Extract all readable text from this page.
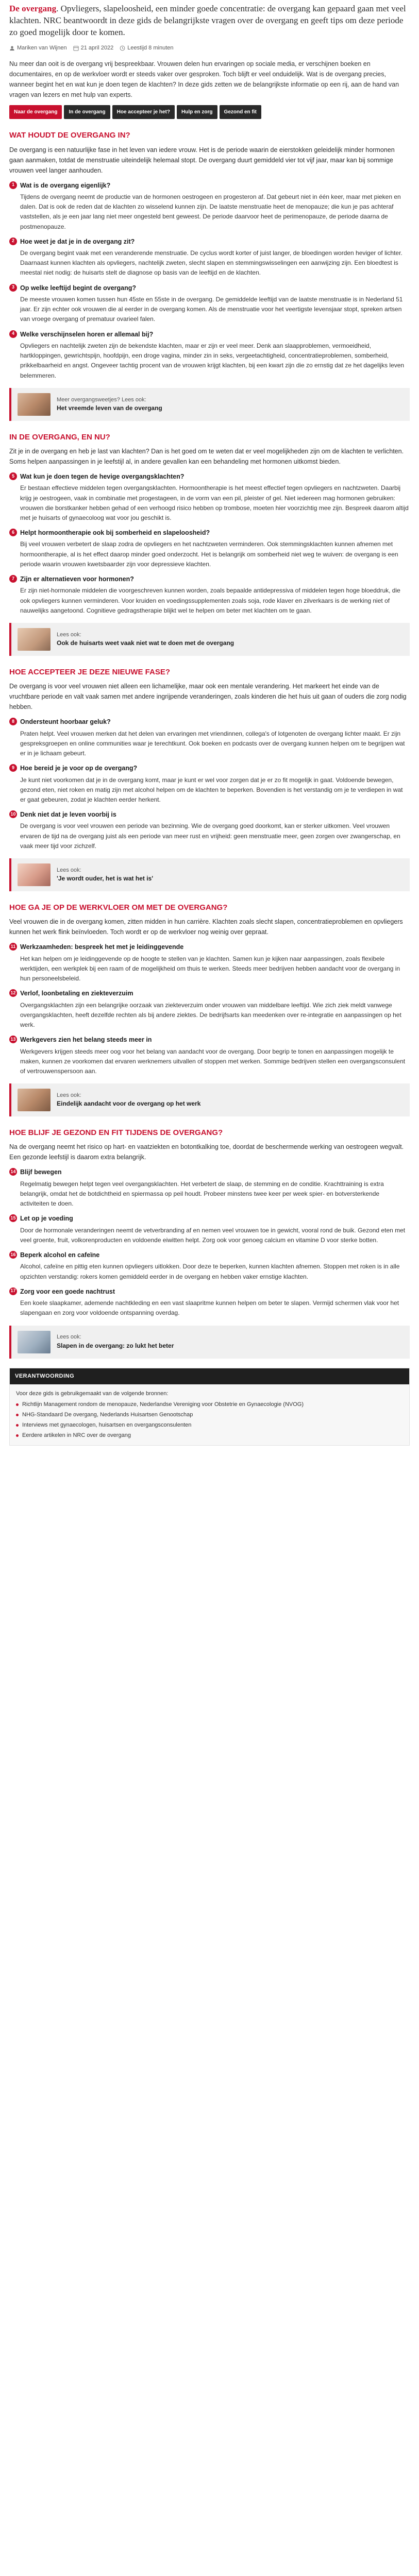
De overgang. Opvliegers, slapeloosheid, een minder goede concentratie: de overgang kan gepaard gaan met veel klachten. NRC beantwoordt in deze gids de belangrijkste vragen over de overgang en geeft tips om deze periode zo goed mogelijk door te komen.

Mariken van Wijnen 21 april 2022 Leestijd 8 minuten

Nu meer dan ooit is de overgang vrij bespreekbaar. Vrouwen delen hun ervaringen op sociale media, er verschijnen boeken en documentaires, en op de werkvloer wordt er steeds vaker over gesproken. Toch blijft er veel onduidelijk. Wat is de overgang precies, wanneer begint het en wat kun je doen tegen de klachten? In deze gids zetten we de belangrijkste informatie op een rij, aan de hand van vragen van lezers en met hulp van experts.

Naar de overgang	In de overgang	Hoe accepteer je het?	Hulp en zorg	Gezond en fit
WAT HOUDT DE OVERGANG IN?

De overgang is een natuurlijke fase in het leven van iedere vrouw. Het is de periode waarin de eierstokken geleidelijk minder hormonen gaan aanmaken, totdat de menstruatie uiteindelijk helemaal stopt. De overgang duurt gemiddeld vier tot vijf jaar, maar kan bij sommige vrouwen veel langer aanhouden.

1 Wat is de overgang eigenlijk?

Tijdens de overgang neemt de productie van de hormonen oestrogeen en progesteron af. Dat gebeurt niet in één keer, maar met pieken en dalen. Dat is ook de reden dat de klachten zo wisselend kunnen zijn. De laatste menstruatie heet de menopauze; die kun je pas achteraf vaststellen, als je een jaar lang niet meer ongesteld bent geweest. De periode daarvoor heet de perimenopauze, de periode daarna de postmenopauze.

2 Hoe weet je dat je in de overgang zit?

De overgang begint vaak met een veranderende menstruatie. De cyclus wordt korter of juist langer, de bloedingen worden heviger of lichter. Daarnaast kunnen klachten als opvliegers, nachtelijk zweten, slecht slapen en stemmingswisselingen een aanwijzing zijn. Een bloedtest is meestal niet nodig: de huisarts stelt de diagnose op basis van de leeftijd en de klachten.

3 Op welke leeftijd begint de overgang?

De meeste vrouwen komen tussen hun 45ste en 55ste in de overgang. De gemiddelde leeftijd van de laatste menstruatie is in Nederland 51 jaar. Er zijn echter ook vrouwen die al eerder in de overgang komen. Als de menstruatie voor het veertigste levensjaar stopt, spreken artsen van vroege overgang of prematuur ovarieel falen.

4 Welke verschijnselen horen er allemaal bij?

Opvliegers en nachtelijk zweten zijn de bekendste klachten, maar er zijn er veel meer. Denk aan slaapproblemen, vermoeidheid, hartkloppingen, gewrichtspijn, hoofdpijn, een droge vagina, minder zin in seks, vergeetachtigheid, concentratieproblemen, somberheid, prikkelbaarheid en angst. Ongeveer tachtig procent van de vrouwen krijgt klachten, bij een kwart zijn die zo ernstig dat ze het dagelijks leven belemmeren.

Meer overgangsweetjes? Lees ook:
Het vreemde leven van de overgang
IN DE OVERGANG, EN NU?

Zit je in de overgang en heb je last van klachten? Dan is het goed om te weten dat er veel mogelijkheden zijn om de klachten te verlichten. Soms helpen aanpassingen in je leefstijl al, in andere gevallen kan een behandeling met hormonen uitkomst bieden.

5 Wat kun je doen tegen de hevige overgangsklachten?

Er bestaan effectieve middelen tegen overgangsklachten. Hormoontherapie is het meest effectief tegen opvliegers en nachtzweten. Daarbij krijg je oestrogeen, vaak in combinatie met progestageen, in de vorm van een pil, pleister of gel. Niet iedereen mag hormonen gebruiken: vrouwen die borstkanker hebben gehad of een verhoogd risico hebben op trombose, moeten hier voorzichtig mee zijn. Bespreek daarom altijd met je huisarts of gynaecoloog wat voor jou geschikt is.

6 Helpt hormoontherapie ook bij somberheid en slapeloosheid?

Bij veel vrouwen verbetert de slaap zodra de opvliegers en het nachtzweten verminderen. Ook stemmingsklachten kunnen afnemen met hormoontherapie, al is het effect daarop minder goed onderzocht. Het is belangrijk om somberheid niet weg te wuiven: de overgang is een periode waarin vrouwen kwetsbaarder zijn voor depressieve klachten.

7 Zijn er alternatieven voor hormonen?

Er zijn niet-hormonale middelen die voorgeschreven kunnen worden, zoals bepaalde antidepressiva of middelen tegen hoge bloeddruk, die ook opvliegers kunnen verminderen. Voor kruiden en voedingssupplementen zoals soja, rode klaver en zilverkaars is de werking niet of nauwelijks aangetoond. Cognitieve gedragstherapie blijkt wel te helpen om beter met klachten om te gaan.

Lees ook:
Ook de huisarts weet vaak niet wat te doen met de overgang
HOE ACCEPTEER JE DEZE NIEUWE FASE?

De overgang is voor veel vrouwen niet alleen een lichamelijke, maar ook een mentale verandering. Het markeert het einde van de vruchtbare periode en valt vaak samen met andere ingrijpende veranderingen, zoals kinderen die het huis uit gaan of ouders die zorg nodig hebben.

8 Ondersteunt hoorbaar geluk?

Praten helpt. Veel vrouwen merken dat het delen van ervaringen met vriendinnen, collega's of lotgenoten de overgang lichter maakt. Er zijn gespreksgroepen en online communities waar je terechtkunt. Ook boeken en podcasts over de overgang kunnen helpen om te begrijpen wat er in je lichaam gebeurt.

9 Hoe bereid je je voor op de overgang?

Je kunt niet voorkomen dat je in de overgang komt, maar je kunt er wel voor zorgen dat je er zo fit mogelijk in gaat. Voldoende bewegen, gezond eten, niet roken en matig zijn met alcohol helpen om de klachten te beperken. Bovendien is het verstandig om je te verdiepen in wat er gaat gebeuren, zodat je klachten eerder herkent.

10 Denk niet dat je leven voorbij is

De overgang is voor veel vrouwen een periode van bezinning. Wie de overgang goed doorkomt, kan er sterker uitkomen. Veel vrouwen ervaren de tijd na de overgang juist als een periode van meer rust en vrijheid: geen menstruatie meer, geen zorgen over zwangerschap, en vaak meer tijd voor zichzelf.

Lees ook:
'Je wordt ouder, het is wat het is'
HOE GA JE OP DE WERKVLOER OM MET DE OVERGANG?

Veel vrouwen die in de overgang komen, zitten midden in hun carrière. Klachten zoals slecht slapen, concentratieproblemen en opvliegers kunnen het werk flink beïnvloeden. Toch wordt er op de werkvloer nog weinig over gepraat.

11 Werkzaamheden: bespreek het met je leidinggevende

Het kan helpen om je leidinggevende op de hoogte te stellen van je klachten. Samen kun je kijken naar aanpassingen, zoals flexibele werktijden, een werkplek bij een raam of de mogelijkheid om thuis te werken. Steeds meer bedrijven hebben aandacht voor de overgang in hun personeelsbeleid.

12 Verlof, loonbetaling en ziekteverzuim

Overgangsklachten zijn een belangrijke oorzaak van ziekteverzuim onder vrouwen van middelbare leeftijd. Wie zich ziek meldt vanwege overgangsklachten, heeft dezelfde rechten als bij andere ziektes. De bedrijfsarts kan meedenken over re-integratie en aanpassingen op het werk.

13 Werkgevers zien het belang steeds meer in

Werkgevers krijgen steeds meer oog voor het belang van aandacht voor de overgang. Door begrip te tonen en aanpassingen mogelijk te maken, kunnen ze voorkomen dat ervaren werknemers uitvallen of stoppen met werken. Sommige bedrijven stellen een overgangsconsulent of vertrouwenspersoon aan.

Lees ook:
Eindelijk aandacht voor de overgang op het werk
HOE BLIJF JE GEZOND EN FIT TIJDENS DE OVERGANG?

Na de overgang neemt het risico op hart- en vaatziekten en botontkalking toe, doordat de beschermende werking van oestrogeen wegvalt. Een gezonde leefstijl is daarom extra belangrijk.

14 Blijf bewegen

Regelmatig bewegen helpt tegen veel overgangsklachten. Het verbetert de slaap, de stemming en de conditie. Krachttraining is extra belangrijk, omdat het de botdichtheid en spiermassa op peil houdt. Probeer minstens twee keer per week spier- en botversterkende activiteiten te doen.

15 Let op je voeding

Door de hormonale veranderingen neemt de vetverbranding af en nemen veel vrouwen toe in gewicht, vooral rond de buik. Gezond eten met veel groente, fruit, volkorenproducten en voldoende eiwitten helpt. Zorg ook voor genoeg calcium en vitamine D voor sterke botten.

16 Beperk alcohol en cafeïne

Alcohol, cafeïne en pittig eten kunnen opvliegers uitlokken. Door deze te beperken, kunnen klachten afnemen. Stoppen met roken is in alle opzichten verstandig: rokers komen gemiddeld eerder in de overgang en hebben vaker ernstige klachten.

17 Zorg voor een goede nachtrust

Een koele slaapkamer, ademende nachtkleding en een vast slaapritme kunnen helpen om beter te slapen. Vermijd schermen vlak voor het slapengaan en zorg voor voldoende ontspanning overdag.

Lees ook:
Slapen in de overgang: zo lukt het beter
VERANTWOORDING

Voor deze gids is gebruikgemaakt van de volgende bronnen:

Richtlijn Management rondom de menopauze, Nederlandse Vereniging voor Obstetrie en Gynaecologie (NVOG)
NHG-Standaard De overgang, Nederlands Huisartsen Genootschap
Interviews met gynaecologen, huisartsen en overgangsconsulenten
Eerdere artikelen in NRC over de overgang
